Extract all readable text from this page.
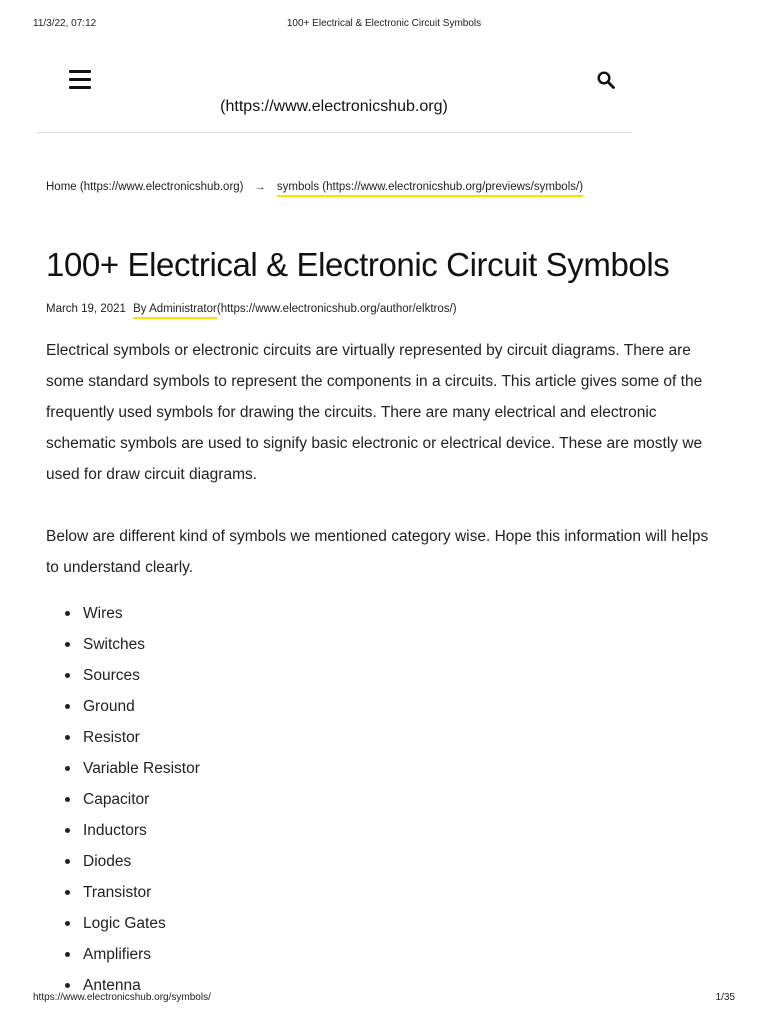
11/3/22, 07:12	100+ Electrical & Electronic Circuit Symbols
(https://www.electronicshub.org)
Home (https://www.electronicshub.org) → symbols (https://www.electronicshub.org/previews/symbols/)
100+ Electrical & Electronic Circuit Symbols
March 19, 2021 By Administrator(https://www.electronicshub.org/author/elktros/)

Electrical symbols or electronic circuits are virtually represented by circuit diagrams. There are some standard symbols to represent the components in a circuits. This article gives some of the frequently used symbols for drawing the circuits. There are many electrical and electronic schematic symbols are used to signify basic electronic or electrical device. These are mostly we used for draw circuit diagrams.

Below are different kind of symbols we mentioned category wise. Hope this information will helps to understand clearly.

Wires
Switches
Sources
Ground
Resistor
Variable Resistor
Capacitor
Inductors
Diodes
Transistor
Logic Gates
Amplifiers
Antenna
https://www.electronicshub.org/symbols/	1/35
